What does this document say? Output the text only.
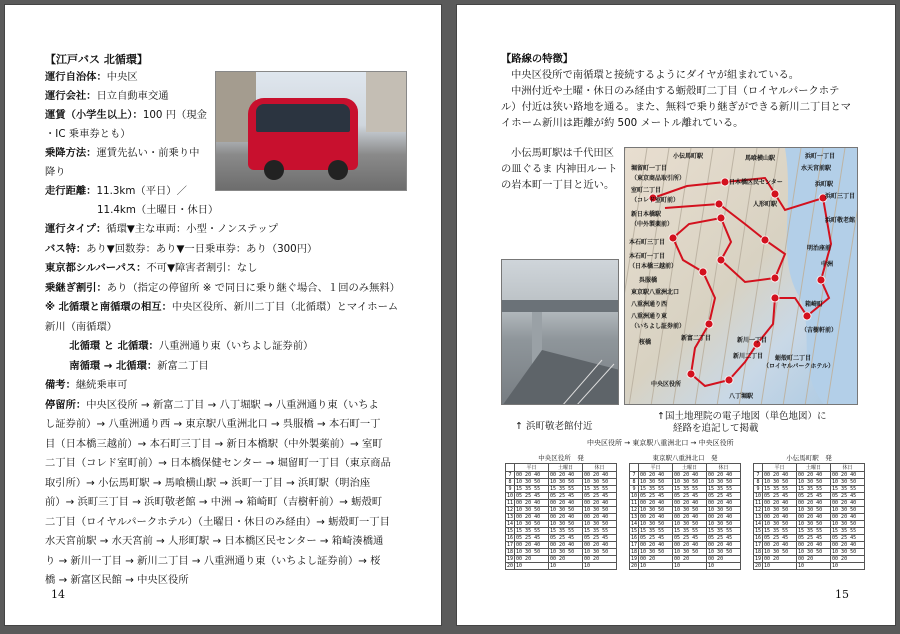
【江戸バス 北循環】
運行自治体：中央区
運行会社：日立自動車交通
運賃（小学生以上）：100 円（現金
・IC 乗車券とも）
乗降方法：運賃先払い・前乗り中
降り
走行距離：11.3km（平日）／
11.4km（土曜日・休日）
運行タイプ：循環▼主な車両：小型・ノンステップ
バス特：あり▼回数券：あり▼一日乗車券：あり（300円）
東京都シルバーパス：不可▼障害者割引：なし
乗継ぎ割引：あり（指定の停留所 ※ で同日に乗り継ぐ場合、１回のみ無料）
※ 北循環と南循環の相互：中央区役所、新川二丁目（北循環）とマイホーム
新川（南循環）
　北循環 と 北循環：八重洲通り東（いちよし証券前）
　南循環 → 北循環：新富二丁目
備考：継続乗車可
停留所：中央区役所 → 新富二丁目 → 八丁堀駅 → 八重洲通り東（いちよ
し証券前）→ 八重洲通り西 → 東京駅八重洲北口 → 呉服橋 → 本石町一丁
目（日本橋三越前）→ 本石町三丁目 → 新日本橋駅（中外製薬前）→ 室町
二丁目（コレド室町前）→ 日本橋保健センター → 堀留町一丁目（東京商品
取引所）→ 小伝馬町駅 → 馬喰横山駅 → 浜町一丁目 → 浜町駅（明治座
前）→ 浜町三丁目 → 浜町敬老館 → 中洲 → 箱崎町（吉樹軒前）→ 蛎殻町
二丁目（ロイヤルパークホテル）（土曜日・休日のみ経由）→ 蛎殻町一丁目
水天宮前駅 → 水天宮前 → 人形町駅 → 日本橋区民センター → 箱崎湊橋通
り → 新川一丁目 → 新川二丁目 → 八重洲通り東（いちよし証券前）→ 桜
橋 → 新富区民館 → 中央区役所
14
【路線の特徴】
中央区役所で南循環と接続するようにダイヤが組まれている。
中洲付近や土曜・休日のみ経由する蛎殻町二丁目（ロイヤルパークホテ
ル）付近は狭い路地を通る。また、無料で乗り継ぎができる新川二丁目とマ
イホーム新川は距離が約 500 メートル離れている。
小伝馬町駅は千代田区
の皿ぐるま 内神田ルート
の岩本町一丁目と近い。
小伝馬町駅
堀留町一丁目
（東京商品取引所）
室町二丁目
（コレド室町前）
新日本橋駅
（中外製薬前）
本石町三丁目
本石町一丁目
（日本橋三越前）
呉服橋
東京駅八重洲北口
八重洲通り西
八重洲通り東
（いちよし証券前）
桜橋
新富二丁目
中央区役所
八丁堀駅
新川二丁目
新川一丁目
日本橋区民センター
人形町駅
水天宮前駅
浜町駅
浜町三丁目
浜町敬老館
中洲
箱崎町
（吉樹軒前）
蛎殻町二丁目
（ロイヤルパークホテル）
馬喰横山駅	浜町一丁目
明治座前
↑ 浜町敬老館付近
↑国土地理院の電子地図（単色地図）に
経路を追記して掲載
中央区役所 → 東京駅八重洲北口 → 中央区役所
中央区役所　発
	平日	土曜日	休日
7	00 20 40	00 20 40	00 20 40
8	10 30 50	10 30 50	10 30 50
9	15 35 55	15 35 55	15 35 55
10	05 25 45	05 25 45	05 25 45
11	00 20 40	00 20 40	00 20 40
12	10 30 50	10 30 50	10 30 50
13	00 20 40	00 20 40	00 20 40
14	10 30 50	10 30 50	10 30 50
15	15 35 55	15 35 55	15 35 55
16	05 25 45	05 25 45	05 25 45
17	00 20 40	00 20 40	00 20 40
18	10 30 50	10 30 50	10 30 50
19	00 20	00 20	00 20
20	10	10	10
東京駅八重洲北口　発
	平日	土曜日	休日
7	00 20 40	00 20 40	00 20 40
8	10 30 50	10 30 50	10 30 50
9	15 35 55	15 35 55	15 35 55
10	05 25 45	05 25 45	05 25 45
11	00 20 40	00 20 40	00 20 40
12	10 30 50	10 30 50	10 30 50
13	00 20 40	00 20 40	00 20 40
14	10 30 50	10 30 50	10 30 50
15	15 35 55	15 35 55	15 35 55
16	05 25 45	05 25 45	05 25 45
17	00 20 40	00 20 40	00 20 40
18	10 30 50	10 30 50	10 30 50
19	00 20	00 20	00 20
20	10	10	10
小伝馬町駅　発
	平日	土曜日	休日
7	00 20 40	00 20 40	00 20 40
8	10 30 50	10 30 50	10 30 50
9	15 35 55	15 35 55	15 35 55
10	05 25 45	05 25 45	05 25 45
11	00 20 40	00 20 40	00 20 40
12	10 30 50	10 30 50	10 30 50
13	00 20 40	00 20 40	00 20 40
14	10 30 50	10 30 50	10 30 50
15	15 35 55	15 35 55	15 35 55
16	05 25 45	05 25 45	05 25 45
17	00 20 40	00 20 40	00 20 40
18	10 30 50	10 30 50	10 30 50
19	00 20	00 20	00 20
20	10	10	10
15
